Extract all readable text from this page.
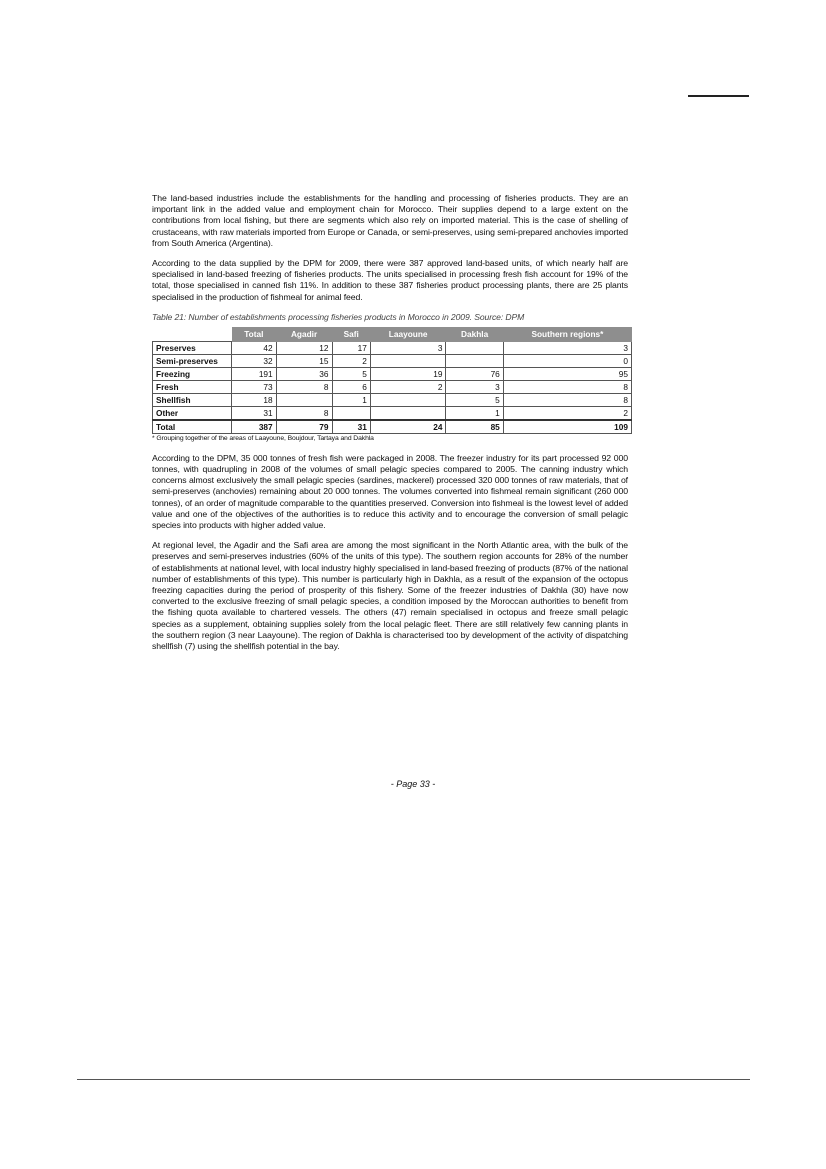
The land-based industries include the establishments for the handling and processing of fisheries products. They are an important link in the added value and employment chain for Morocco. Their supplies depend to a large extent on the contributions from local fishing, but there are segments which also rely on imported material. This is the case of shelling of crustaceans, with raw materials imported from Europe or Canada, or semi-preserves, using semi-prepared anchovies imported from South America (Argentina).

According to the data supplied by the DPM for 2009, there were 387 approved land-based units, of which nearly half are specialised in land-based freezing of fisheries products. The units specialised in processing fresh fish account for 19% of the total, those specialised in canned fish 11%. In addition to these 387 fisheries product processing plants, there are 25 plants specialised in the production of fishmeal for animal feed.

Table 21: Number of establishments processing fisheries products in Morocco in 2009. Source: DPM
	Total	Agadir	Safi	Laayoune	Dakhla	Southern regions*
Preserves	42	12	17	3		3
Semi-preserves	32	15	2			0
Freezing	191	36	5	19	76	95
Fresh	73	8	6	2	3	8
Shellfish	18		1		5	8
Other	31	8			1	2
Total	387	79	31	24	85	109
* Grouping together of the areas of Laayoune, Boujdour, Tartaya and Dakhla

According to the DPM, 35 000 tonnes of fresh fish were packaged in 2008. The freezer industry for its part processed 92 000 tonnes, with quadrupling in 2008 of the volumes of small pelagic species compared to 2005. The canning industry which concerns almost exclusively the small pelagic species (sardines, mackerel) processed 320 000 tonnes of raw materials, that of semi-preserves (anchovies) remaining about 20 000 tonnes. The volumes converted into fishmeal remain significant (260 000 tonnes), of an order of magnitude comparable to the quantities preserved. Conversion into fishmeal is the lowest level of added value and one of the objectives of the authorities is to reduce this activity and to encourage the conversion of small pelagic species into products with higher added value.

At regional level, the Agadir and the Safi area are among the most significant in the North Atlantic area, with the bulk of the preserves and semi-preserves industries (60% of the units of this type). The southern region accounts for 28% of the number of establishments at national level, with local industry highly specialised in land-based freezing of products (87% of the national number of establishments of this type). This number is particularly high in Dakhla, as a result of the expansion of the octopus freezing capacities during the period of prosperity of this fishery. Some of the freezer industries of Dakhla (30) have now converted to the exclusive freezing of small pelagic species, a condition imposed by the Moroccan authorities to benefit from the fishing quota available to chartered vessels. The others (47) remain specialised in octopus and freeze small pelagic species as a supplement, obtaining supplies solely from the local pelagic fleet. There are still relatively few canning plants in the southern region (3 near Laayoune). The region of Dakhla is characterised too by development of the activity of dispatching shellfish (7) using the shellfish potential in the bay.

- Page 33 -
